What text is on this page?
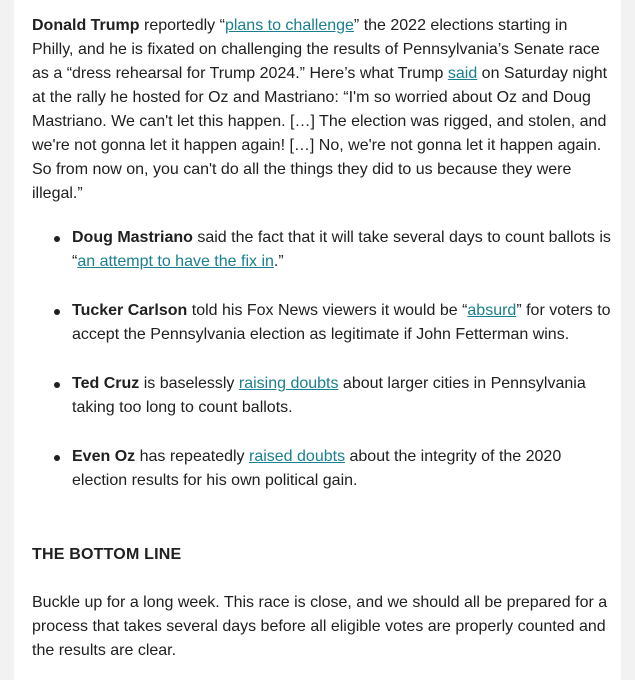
Donald Trump reportedly “plans to challenge” the 2022 elections starting in Philly, and he is fixated on challenging the results of Pennsylvania’s Senate race as a “dress rehearsal for Trump 2024.” Here’s what Trump said on Saturday night at the rally he hosted for Oz and Mastriano: “I'm so worried about Oz and Doug Mastriano. We can't let this happen. […] The election was rigged, and stolen, and we're not gonna let it happen again! […] No, we're not gonna let it happen again. So from now on, you can't do all the things they did to us because they were illegal.”

Doug Mastriano said the fact that it will take several days to count ballots is “an attempt to have the fix in.”
Tucker Carlson told his Fox News viewers it would be “absurd” for voters to accept the Pennsylvania election as legitimate if John Fetterman wins.
Ted Cruz is baselessly raising doubts about larger cities in Pennsylvania taking too long to count ballots.
Even Oz has repeatedly raised doubts about the integrity of the 2020 election results for his own political gain.
THE BOTTOM LINE

Buckle up for a long week. This race is close, and we should all be prepared for a process that takes several days before all eligible votes are properly counted and the results are clear.
